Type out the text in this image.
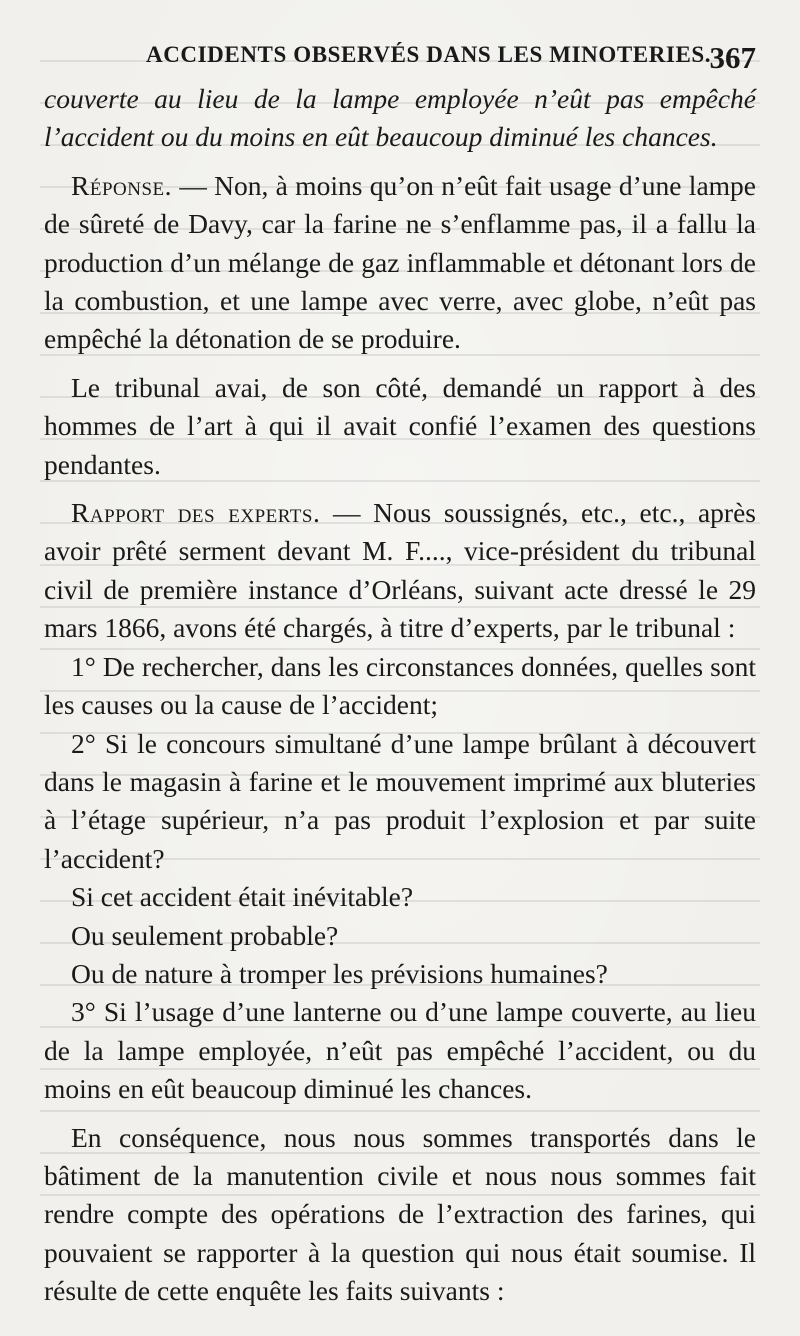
ACCIDENTS OBSERVÉS DANS LES MINOTERIES.
367

couverte au lieu de la lampe employée n’eût pas empêché l’accident ou du moins en eût beaucoup diminué les chances.

Réponse. — Non, à moins qu’on n’eût fait usage d’une lampe de sûreté de Davy, car la farine ne s’enflamme pas, il a fallu la production d’un mélange de gaz inflammable et détonant lors de la combustion, et une lampe avec verre, avec globe, n’eût pas empêché la détonation de se produire.

Le tribunal avai, de son côté, demandé un rapport à des hommes de l’art à qui il avait confié l’examen des questions pendantes.

Rapport des experts. — Nous soussignés, etc., etc., après avoir prêté serment devant M. F...., vice-président du tribunal civil de première instance d’Orléans, suivant acte dressé le 29 mars 1866, avons été chargés, à titre d’experts, par le tribunal :

1° De rechercher, dans les circonstances données, quelles sont les causes ou la cause de l’accident;

2° Si le concours simultané d’une lampe brûlant à découvert dans le magasin à farine et le mouvement imprimé aux bluteries à l’étage supérieur, n’a pas produit l’explosion et par suite l’accident?

Si cet accident était inévitable?

Ou seulement probable?

Ou de nature à tromper les prévisions humaines?

3° Si l’usage d’une lanterne ou d’une lampe couverte, au lieu de la lampe employée, n’eût pas empêché l’accident, ou du moins en eût beaucoup diminué les chances.

En conséquence, nous nous sommes transportés dans le bâtiment de la manutention civile et nous nous sommes fait rendre compte des opérations de l’extraction des farines, qui pouvaient se rapporter à la question qui nous était soumise. Il résulte de cette enquête les faits suivants :
